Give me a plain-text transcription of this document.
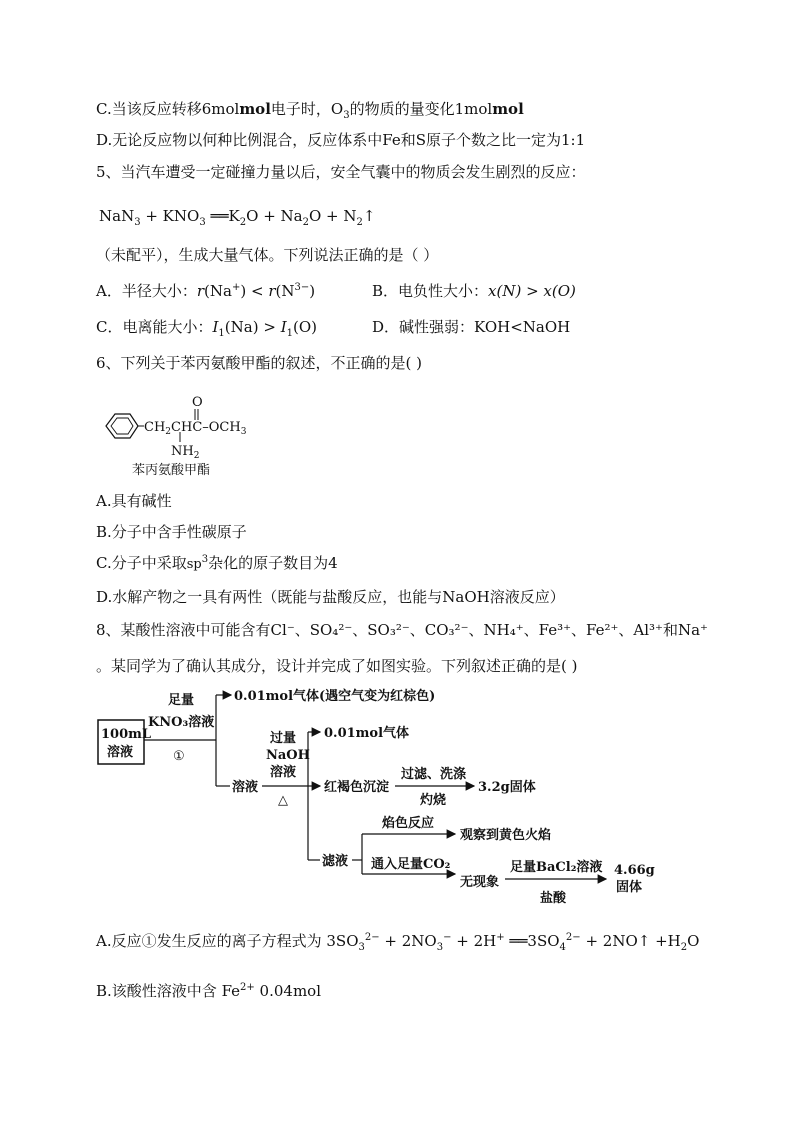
C.当该反应转移6molmol电子时，$O_3$的物质的量变化1molmol
D.无论反应物以何种比例混合，反应体系中Fe和S原子个数之比一定为1:1
5、当汽车遭受一定碰撞力量以后，安全气囊中的物质会发生剧烈的反应：
$NaN_3 + KNO_3$ $══K_2O + Na_2O$ + $N_2↑$
（未配平），生成大量气体。下列说法正确的是（ ）
A．半径大小：$r(Na^+) < r(N^{3-})$	B．电负性大小：x(N) > x(O)
C．电离能大小：$I_1(Na) > I_1(O)$	D．碱性强弱：KOH<NaOH
6、下列关于苯丙氨酸甲酯的叙述，不正确的是( )
$CH_2CHC-OCH_3$
O
$NH_2$
苯丙氨酸甲酯
A.具有碱性
B.分子中含手性碳原子
C.分子中采取$sp^3$杂化的原子数目为4
D.水解产物之一具有两性（既能与盐酸反应，也能与NaOH溶液反应）
8、某酸性溶液中可能含有Cl⁻、SO₄²⁻、SO₃²⁻、CO₃²⁻、NH₄⁺、Fe³⁺、Fe²⁺、Al³⁺和Na⁺
。某同学为了确认其成分，设计并完成了如图实验。下列叙述正确的是( )
100mL
溶液
足量
KNO₃溶液
①
0.01mol气体(遇空气变为红棕色)
溶液
过量
NaOH
溶液
△
0.01mol气体
红褐色沉淀
过滤、洗涤
灼烧
3.2g固体
滤液
焰色反应
观察到黄色火焰
通入足量CO₂
无现象
足量BaCl₂溶液
盐酸
4.66g
固体
A.反应①发生反应的离子方程式为 $3SO_3^{2-} + 2NO_3^- + 2H^+$ $══3SO_4^{2-}$ + 2NO↑ $+H_2O$
B.该酸性溶液中含 $Fe^{2+}$ 0.04mol
